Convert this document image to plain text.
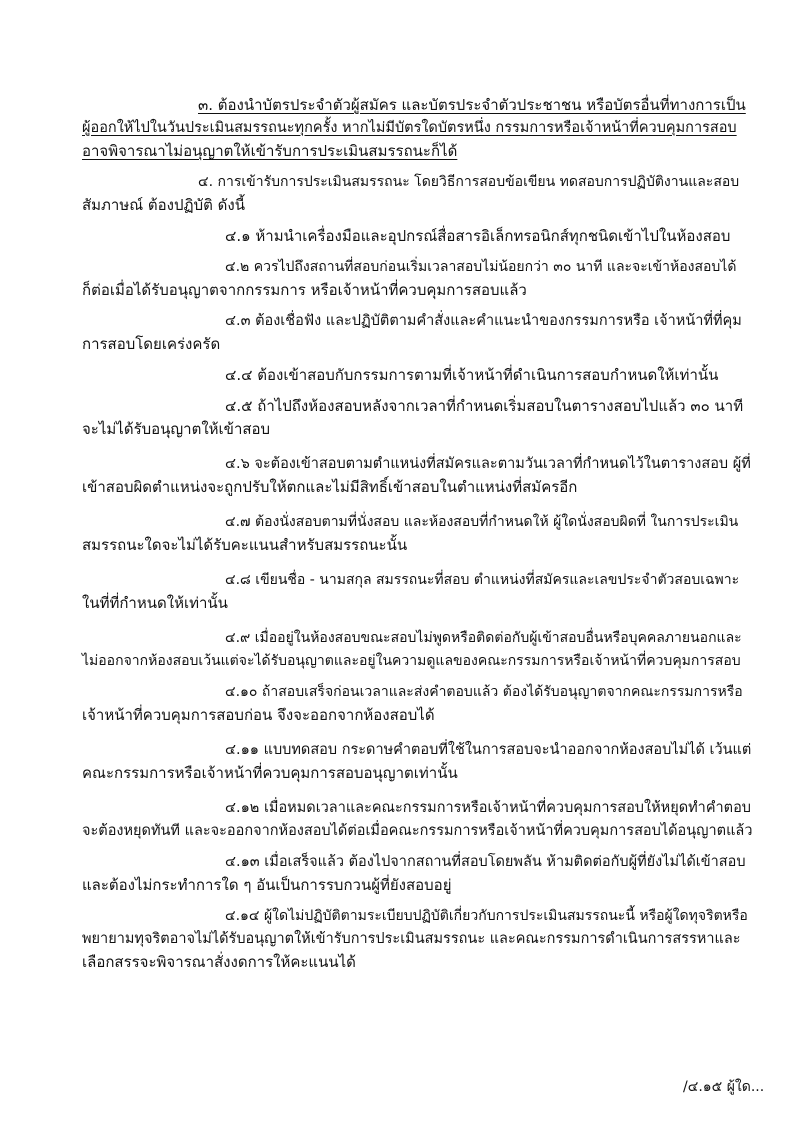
๓. ต้องนำบัตรประจำตัวผู้สมัคร และบัตรประจำตัวประชาชน หรือบัตรอื่นที่ทางการเป็น
ผู้ออกให้ไปในวันประเมินสมรรถนะทุกครั้ง หากไม่มีบัตรใดบัตรหนึ่ง กรรมการหรือเจ้าหน้าที่ควบคุมการสอบ
อาจพิจารณาไม่อนุญาตให้เข้ารับการประเมินสมรรถนะก็ได้
๔. การเข้ารับการประเมินสมรรถนะ โดยวิธีการสอบข้อเขียน ทดสอบการปฏิบัติงานและสอบ
สัมภาษณ์ ต้องปฏิบัติ ดังนี้
๔.๑ ห้ามนำเครื่องมือและอุปกรณ์สื่อสารอิเล็กทรอนิกส์ทุกชนิดเข้าไปในห้องสอบ
๔.๒ ควรไปถึงสถานที่สอบก่อนเริ่มเวลาสอบไม่น้อยกว่า ๓๐ นาที และจะเข้าห้องสอบได้
ก็ต่อเมื่อได้รับอนุญาตจากกรรมการ หรือเจ้าหน้าที่ควบคุมการสอบแล้ว
๔.๓ ต้องเชื่อฟัง และปฏิบัติตามคำสั่งและคำแนะนำของกรรมการหรือ เจ้าหน้าที่ที่คุม
การสอบโดยเคร่งครัด
๔.๔ ต้องเข้าสอบกับกรรมการตามที่เจ้าหน้าที่ดำเนินการสอบกำหนดให้เท่านั้น
๔.๕ ถ้าไปถึงห้องสอบหลังจากเวลาที่กำหนดเริ่มสอบในตารางสอบไปแล้ว ๓๐ นาที
จะไม่ได้รับอนุญาตให้เข้าสอบ
๔.๖ จะต้องเข้าสอบตามตำแหน่งที่สมัครและตามวันเวลาที่กำหนดไว้ในตารางสอบ ผู้ที่
เข้าสอบผิดตำแหน่งจะถูกปรับให้ตกและไม่มีสิทธิ์เข้าสอบในตำแหน่งที่สมัครอีก
๔.๗ ต้องนั่งสอบตามที่นั่งสอบ และห้องสอบที่กำหนดให้ ผู้ใดนั่งสอบผิดที่ ในการประเมิน
สมรรถนะใดจะไม่ได้รับคะแนนสำหรับสมรรถนะนั้น
๔.๘ เขียนชื่อ - นามสกุล สมรรถนะที่สอบ ตำแหน่งที่สมัครและเลขประจำตัวสอบเฉพาะ
ในที่ที่กำหนดให้เท่านั้น
๔.๙ เมื่ออยู่ในห้องสอบขณะสอบไม่พูดหรือติดต่อกับผู้เข้าสอบอื่นหรือบุคคลภายนอกและ
ไม่ออกจากห้องสอบเว้นแต่จะได้รับอนุญาตและอยู่ในความดูแลของคณะกรรมการหรือเจ้าหน้าที่ควบคุมการสอบ
๔.๑๐ ถ้าสอบเสร็จก่อนเวลาและส่งคำตอบแล้ว ต้องได้รับอนุญาตจากคณะกรรมการหรือ
เจ้าหน้าที่ควบคุมการสอบก่อน จึงจะออกจากห้องสอบได้
๔.๑๑ แบบทดสอบ กระดาษคำตอบที่ใช้ในการสอบจะนำออกจากห้องสอบไม่ได้ เว้นแต่
คณะกรรมการหรือเจ้าหน้าที่ควบคุมการสอบอนุญาตเท่านั้น
๔.๑๒ เมื่อหมดเวลาและคณะกรรมการหรือเจ้าหน้าที่ควบคุมการสอบให้หยุดทำคำตอบ
จะต้องหยุดทันที และจะออกจากห้องสอบได้ต่อเมื่อคณะกรรมการหรือเจ้าหน้าที่ควบคุมการสอบได้อนุญาตแล้ว
๔.๑๓ เมื่อเสร็จแล้ว ต้องไปจากสถานที่สอบโดยพลัน ห้ามติดต่อกับผู้ที่ยังไม่ได้เข้าสอบ
และต้องไม่กระทำการใด ๆ อันเป็นการรบกวนผู้ที่ยังสอบอยู่
๔.๑๔ ผู้ใดไม่ปฏิบัติตามระเบียบปฏิบัติเกี่ยวกับการประเมินสมรรถนะนี้ หรือผู้ใดทุจริตหรือ
พยายามทุจริตอาจไม่ได้รับอนุญาตให้เข้ารับการประเมินสมรรถนะ และคณะกรรมการดำเนินการสรรหาและ
เลือกสรรจะพิจารณาสั่งงดการให้คะแนนได้
/๔.๑๕ ผู้ใด...
